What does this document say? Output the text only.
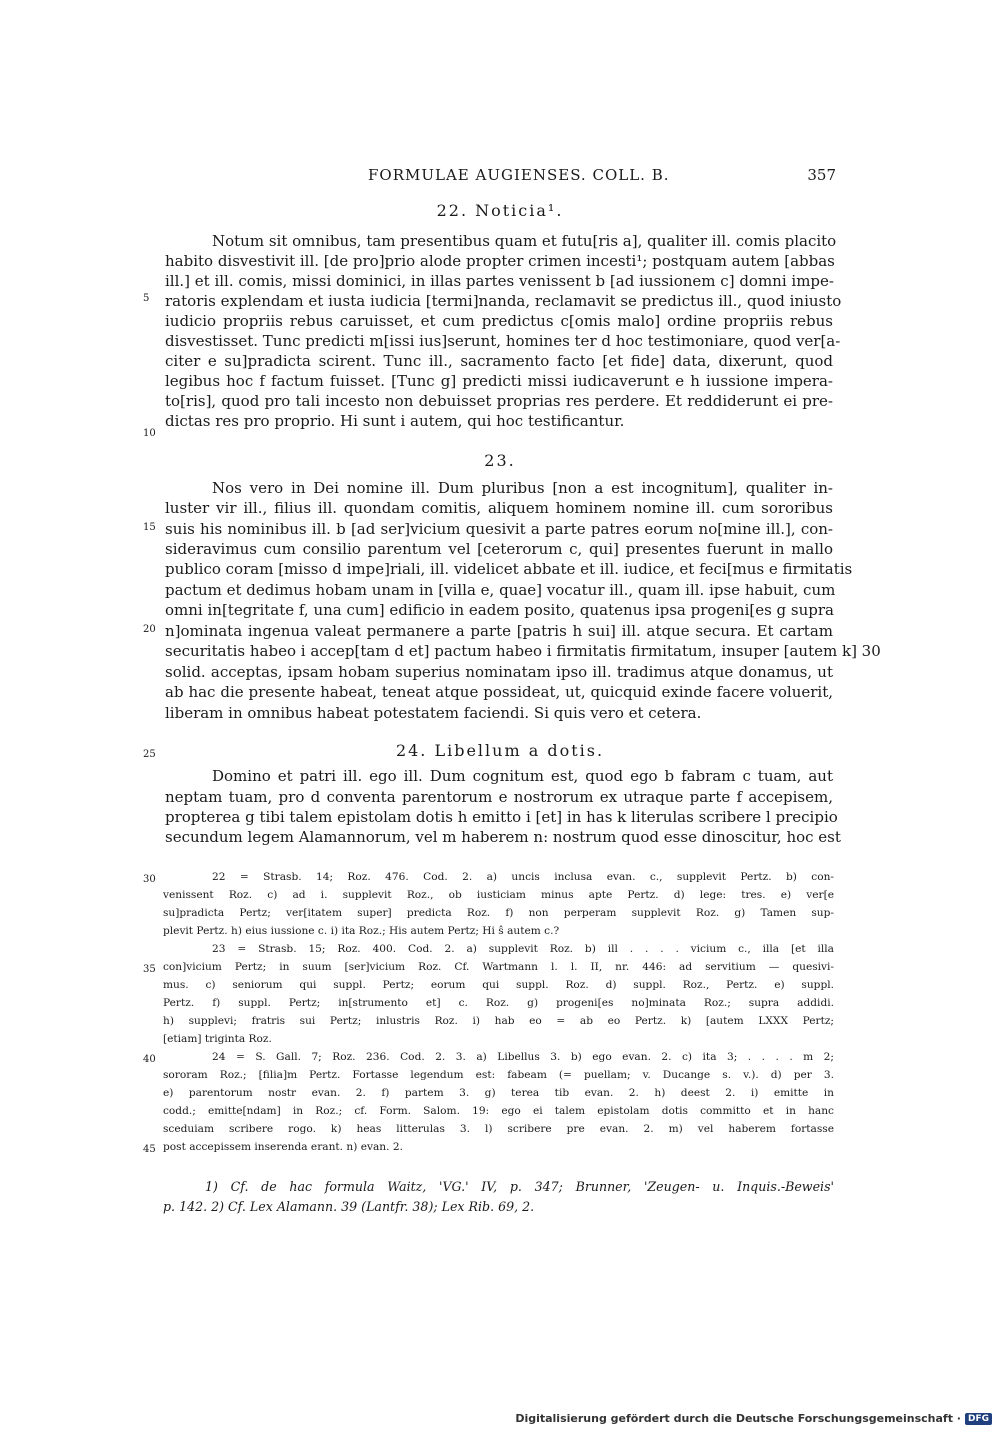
FORMULAE AUGIENSES. COLL. B.	357
22. Noticia¹.
Notum sit omnibus, tam presentibus quam et futu[ris a], qualiter ill. comis placito
habito disvestivit ill. [de pro]prio alode propter crimen incesti¹; postquam autem [abbas
ill.] et ill. comis, missi dominici, in illas partes venissent b [ad iussionem c] domni impe-
5 ratoris explendam et iusta iudicia [termi]nanda, reclamavit se predictus ill., quod iniusto
iudicio propriis rebus caruisset, et cum predictus c[omis malo] ordine propriis rebus
disvestisset. Tunc predicti m[issi ius]serunt, homines ter d hoc testimoniare, quod ver[a-
citer e su]pradicta scirent. Tunc ill., sacramento facto [et fide] data, dixerunt, quod
legibus hoc f factum fuisset. [Tunc g] predicti missi iudicaverunt e h iussione impera-
10
to[ris], quod pro tali incesto non debuisset proprias res perdere. Et reddiderunt ei pre-
dictas res pro proprio. Hi sunt i autem, qui hoc testificantur.
23.
Nos vero in Dei nomine ill. Dum pluribus [non a est incognitum], qualiter in-
luster vir ill., filius ill. quondam comitis, aliquem hominem nomine ill. cum sororibus
15 suis his nominibus ill. b [ad ser]vicium quesivit a parte patres eorum no[mine ill.], con-
sideravimus cum consilio parentum vel [ceterorum c, qui] presentes fuerunt in mallo
publico coram [misso d impe]riali, ill. videlicet abbate et ill. iudice, et feci[mus e firmitatis
pactum et dedimus hobam unam in [villa e, quae] vocatur ill., quam ill. ipse habuit, cum
omni in[tegritate f, una cum] edificio in eadem posito, quatenus ipsa progeni[es g supra
20 n]ominata ingenua valeat permanere a parte [patris h sui] ill. atque secura. Et cartam
securitatis habeo i accep[tam d et] pactum habeo i firmitatis firmitatum, insuper [autem k] 30
solid. acceptas, ipsam hobam superius nominatam ipso ill. tradimus atque donamus, ut
ab hac die presente habeat, teneat atque possideat, ut, quicquid exinde facere voluerit,
liberam in omnibus habeat potestatem faciendi. Si quis vero et cetera.
25	24. Libellum a dotis.
Domino et patri ill. ego ill. Dum cognitum est, quod ego b fabram c tuam, aut
neptam tuam, pro d conventa parentorum e nostrorum ex utraque parte f accepisem,
propterea g tibi talem epistolam dotis h emitto i [et] in has k literulas scribere l precipio
secundum legem Alamannorum, vel m haberem n: nostrum quod esse dinoscitur, hoc est
30	22 = Strasb. 14; Roz. 476. Cod. 2. a) uncis inclusa evan. c., supplevit Pertz. b) con-
venissent Roz. c) ad i. supplevit Roz., ob iusticiam minus apte Pertz. d) lege: tres. e) ver[e
su]pradicta Pertz; ver[itatem super] predicta Roz. f) non perperam supplevit Roz. g) Tamen sup-
plevit Pertz. h) eius iussione c. i) ita Roz.; His autem Pertz; Hi ŝ autem c.?
23 = Strasb. 15; Roz. 400. Cod. 2. a) supplevit Roz. b) ill . . . . vicium c., illa [et illa
35 con]vicium Pertz; in suum [ser]vicium Roz. Cf. Wartmann l. l. II, nr. 446: ad servitium — quesivi-
mus. c) seniorum qui suppl. Pertz; eorum qui suppl. Roz. d) suppl. Roz., Pertz. e) suppl.
Pertz. f) suppl. Pertz; in[strumento et] c. Roz. g) progeni[es no]minata Roz.; supra addidi.
h) supplevi; fratris sui Pertz; inlustris Roz. i) hab eo = ab eo Pertz. k) [autem LXXX Pertz;
[etiam] triginta Roz.
40	24 = S. Gall. 7; Roz. 236. Cod. 2. 3. a) Libellus 3. b) ego evan. 2. c) ita 3; . . . . m 2;
sororam Roz.; [filia]m Pertz. Fortasse legendum est: fabeam (= puellam; v. Ducange s. v.). d) per 3.
e) parentorum nostr evan. 2. f) partem 3. g) terea tib evan. 2. h) deest 2. i) emitte in
codd.; emitte[ndam] in Roz.; cf. Form. Salom. 19: ego ei talem epistolam dotis committo et in hanc
sceduiam scribere rogo. k) heas litterulas 3. l) scribere pre evan. 2. m) vel haberem fortasse
45 post accepissem inserenda erant. n) evan. 2.
1) Cf. de hac formula Waitz, 'VG.' IV, p. 347; Brunner, 'Zeugen- u. Inquis.-Beweis'
p. 142. 2) Cf. Lex Alamann. 39 (Lantfr. 38); Lex Rib. 69, 2.
Digitalisierung gefördert durch die Deutsche Forschungsgemeinschaft · DFG
